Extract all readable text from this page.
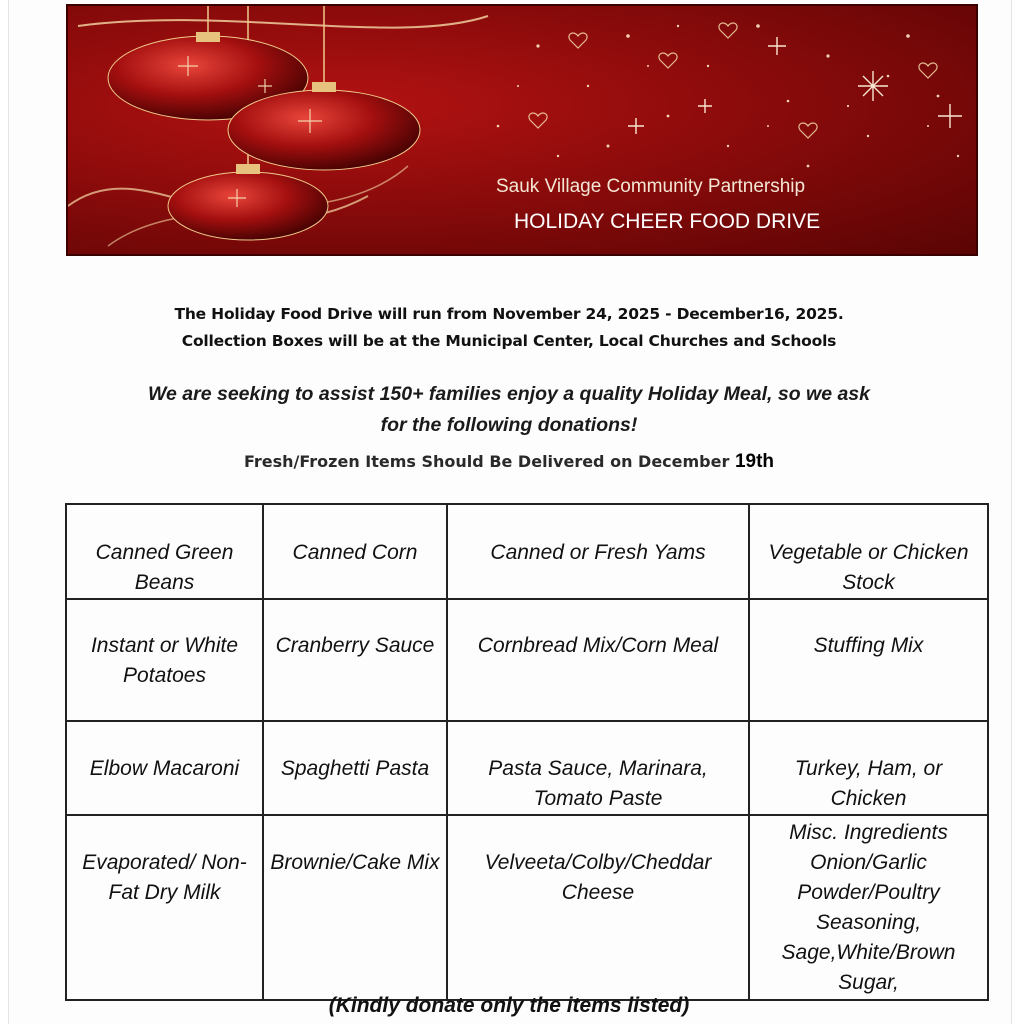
Sauk Village Community Partnership
HOLIDAY CHEER FOOD DRIVE
The Holiday Food Drive will run from November 24, 2025 - December16, 2025.
Collection Boxes will be at the Municipal Center, Local Churches and Schools
We are seeking to assist 150+ families enjoy a quality Holiday Meal, so we ask
for the following donations!
Fresh/Frozen Items Should Be Delivered on December 19th
Canned Green Beans	Canned Corn	Canned or Fresh Yams	Vegetable or Chicken Stock

Instant or White Potatoes	Cranberry Sauce	Cornbread Mix/Corn Meal	Stuffing Mix

Elbow Macaroni	Spaghetti Pasta	Pasta Sauce, Marinara, Tomato Paste	Turkey, Ham, or Chicken

Evaporated/ Non-Fat Dry Milk	Brownie/Cake Mix	Velveeta/Colby/Cheddar Cheese	Misc. Ingredients Onion/Garlic Powder/Poultry Seasoning, Sage,White/Brown Sugar,
(Kindly donate only the items listed)
